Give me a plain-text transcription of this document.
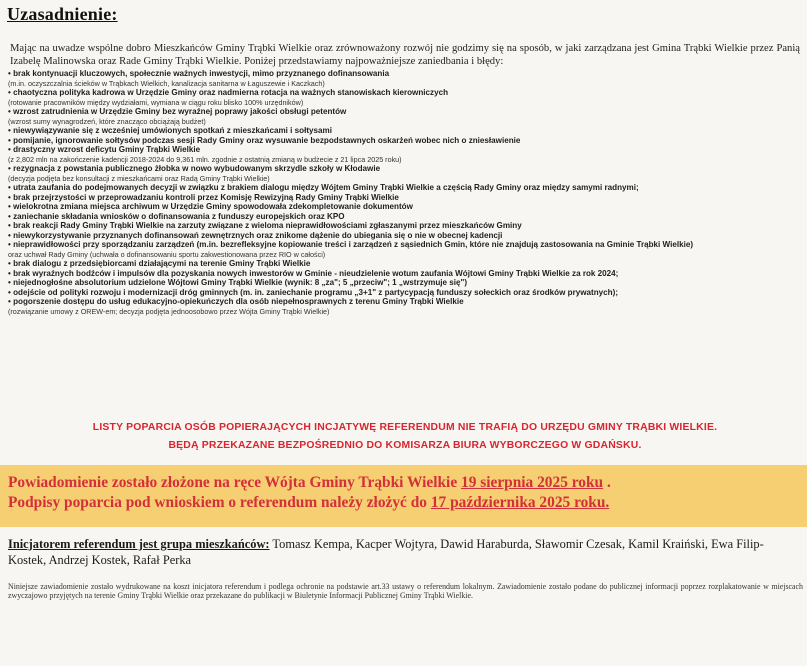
Uzasadnienie:
Mając na uwadze wspólne dobro Mieszkańców Gminy Trąbki Wielkie oraz zrównoważony rozwój nie godzimy się na sposób, w jaki zarządzana jest Gmina Trąbki Wielkie przez Panią Izabelę Malinowska oraz Rade Gminy Trąbki Wielkie. Poniżej przedstawiamy najpoważniejsze zaniedbania i błędy:
• brak kontynuacji kluczowych, społecznie ważnych inwestycji, mimo przyznanego dofinansowania
(m.in. oczyszczalnia ścieków w Trąbkach Wielkich, kanalizacja sanitarna w Łaguszewie i Kaczkach)
• chaotyczna polityka kadrowa w Urzędzie Gminy oraz nadmierna rotacja na ważnych stanowiskach kierowniczych
(rotowanie pracowników między wydziałami, wymiana w ciągu roku blisko 100% urzędników)
• wzrost zatrudnienia w Urzędzie Gminy bez wyraźnej poprawy jakości obsługi petentów
(wzrost sumy wynagrodzeń, które znacząco obciążają budżet)
• niewywiązywanie się z wcześniej umówionych spotkań z mieszkańcami i sołtysami
• pomijanie, ignorowanie sołtysów podczas sesji Rady Gminy oraz wysuwanie bezpodstawnych oskarżeń wobec nich o zniesławienie
• drastyczny wzrost deficytu Gminy Trąbki Wielkie
(z 2,802 mln na zakończenie kadencji 2018-2024 do 9,361 mln. zgodnie z ostatnią zmianą w budżecie z 21 lipca 2025 roku)
• rezygnacja z powstania publicznego żłobka w nowo wybudowanym skrzydle szkoły w Kłodawie
(decyzja podjęta bez konsultacji z mieszkańcami oraz Radą Gminy Trąbki Wielkie)
• utrata zaufania do podejmowanych decyzji w związku z brakiem dialogu między Wójtem Gminy Trąbki Wielkie a częścią Rady Gminy oraz między samymi radnymi;
• brak przejrzystości w przeprowadzaniu kontroli przez Komisję Rewizyjną Rady Gminy Trąbki Wielkie
• wielokrotna zmiana miejsca archiwum w Urzędzie Gminy spowodowała zdekompletowanie dokumentów
• zaniechanie składania wniosków o dofinansowania z funduszy europejskich oraz KPO
• brak reakcji Rady Gminy Trąbki Wielkie na zarzuty związane z wieloma nieprawidłowościami zgłaszanymi przez mieszkańców Gminy
• niewykorzystywanie przyznanych dofinansowań zewnętrznych oraz znikome dążenie do ubiegania się o nie w obecnej kadencji
• nieprawidłowości przy sporządzaniu zarządzeń (m.in. bezrefleksyjne kopiowanie treści i zarządzeń z sąsiednich Gmin, które nie znajdują zastosowania na Gminie Trąbki Wielkie)
oraz uchwał Rady Gminy (uchwała o dofinansowaniu sportu zakwestionowana przez RIO w całości)
• brak dialogu z przedsiębiorcami działającymi na terenie Gminy Trąbki Wielkie
• brak wyraźnych bodźców i impulsów dla pozyskania nowych inwestorów w Gminie - nieudzielenie wotum zaufania Wójtowi Gminy Trąbki Wielkie za rok 2024;
• niejednogłośne absolutorium udzielone Wójtowi Gminy Trąbki Wielkie (wynik: 8 „za"; 5 „przeciw"; 1 „wstrzymuje się")
• odejście od polityki rozwoju i modernizacji dróg gminnych (m. in. zaniechanie programu „3+1" z partycypacją funduszy sołeckich oraz środków prywatnych);
• pogorszenie dostępu do usług edukacyjno-opiekuńczych dla osób niepełnosprawnych z terenu Gminy Trąbki Wielkie
(rozwiązanie umowy z OREW-em; decyzja podjęta jednoosobowo przez Wójta Gminy Trąbki Wielkie)
LISTY POPARCIA OSÓB POPIERAJĄCYCH INCJATYWĘ REFERENDUM NIE TRAFIĄ DO URZĘDU GMINY TRĄBKI WIELKIE.
BĘDĄ PRZEKAZANE BEZPOŚREDNIO DO KOMISARZA BIURA WYBORCZEGO W GDAŃSKU.
Powiadomienie zostało złożone na ręce Wójta Gminy Trąbki Wielkie 19 sierpnia 2025 roku .
Podpisy poparcia pod wnioskiem o referendum należy złożyć do 17 października 2025 roku.
Inicjatorem referendum jest grupa mieszkańców: Tomasz Kempa, Kacper Wojtyra, Dawid Haraburda, Sławomir Czesak, Kamil Kraiński, Ewa Filip-Kostek, Andrzej Kostek, Rafał Perka
Niniejsze zawiadomienie zostało wydrukowane na koszt inicjatora referendum i podlega ochronie na podstawie art.33 ustawy o referendum lokalnym. Zawiadomienie zostało podane do publicznej informacji poprzez rozplakatowanie w miejscach zwyczajowo przyjętych na terenie Gminy Trąbki Wielkie oraz przekazane do publikacji w Biuletynie Informacji Publicznej Gminy Trąbki Wielkie.
